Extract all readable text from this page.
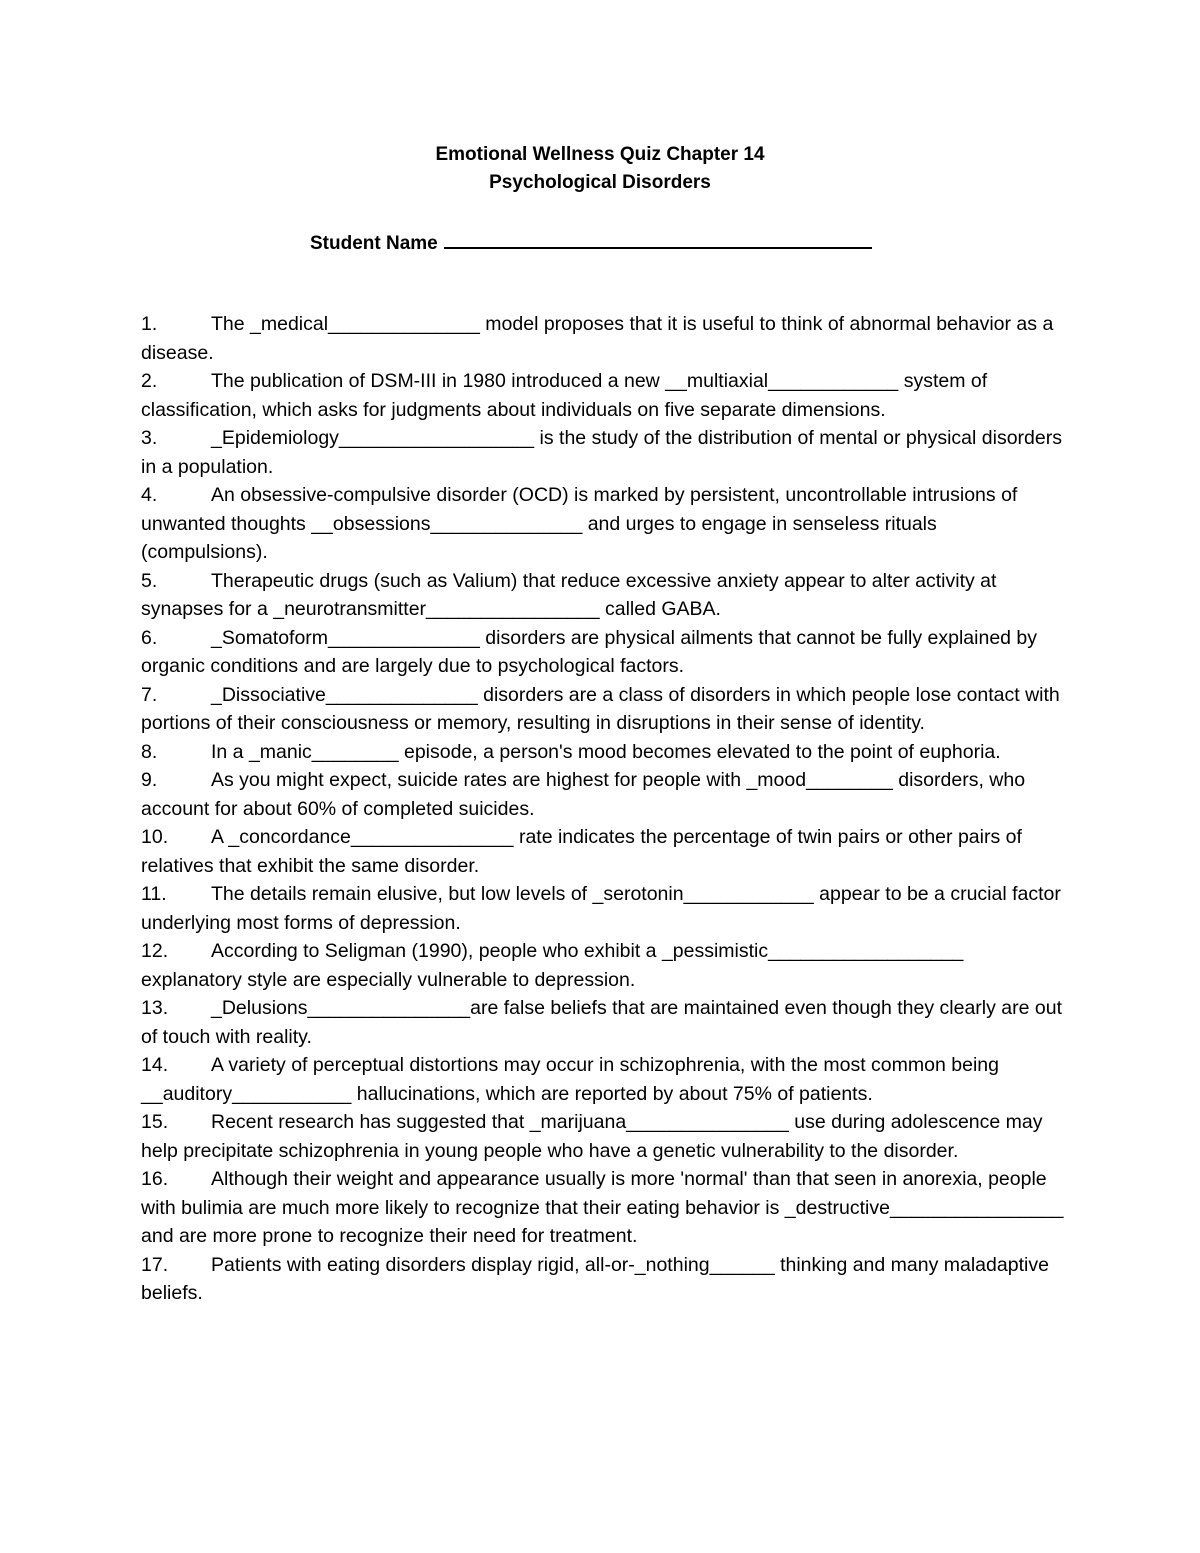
Emotional Wellness Quiz Chapter 14
Psychological Disorders
Student Name

1.	The _medical______________ model proposes that it is useful to think of abnormal behavior as a disease.

2.	The publication of DSM-III in 1980 introduced a new __multiaxial____________ system of classification, which asks for judgments about individuals on five separate dimensions.

3.	_Epidemiology__________________ is the study of the distribution of mental or physical disorders in a population.

4.	An obsessive-compulsive disorder (OCD) is marked by persistent, uncontrollable intrusions of unwanted thoughts __obsessions______________ and urges to engage in senseless rituals (compulsions).

5.	Therapeutic drugs (such as Valium) that reduce excessive anxiety appear to alter activity at synapses for a _neurotransmitter________________ called GABA.

6.	_Somatoform______________ disorders are physical ailments that cannot be fully explained by organic conditions and are largely due to psychological factors.

7.	_Dissociative______________ disorders are a class of disorders in which people lose contact with portions of their consciousness or memory, resulting in disruptions in their sense of identity.

8.	In a _manic________ episode, a person's mood becomes elevated to the point of euphoria.

9.	As you might expect, suicide rates are highest for people with _mood________ disorders, who account for about 60% of completed suicides.

10. A _concordance_______________ rate indicates the percentage of twin pairs or other pairs of relatives that exhibit the same disorder.

11. The details remain elusive, but low levels of _serotonin____________ appear to be a crucial factor underlying most forms of depression.

12. According to Seligman (1990), people who exhibit a _pessimistic__________________ explanatory style are especially vulnerable to depression.

13. _Delusions_______________are false beliefs that are maintained even though they clearly are out of touch with reality.

14. A variety of perceptual distortions may occur in schizophrenia, with the most common being __auditory___________ hallucinations, which are reported by about 75% of patients.

15. Recent research has suggested that _marijuana_______________ use during adolescence may help precipitate schizophrenia in young people who have a genetic vulnerability to the disorder.

16. Although their weight and appearance usually is more 'normal' than that seen in anorexia, people with bulimia are much more likely to recognize that their eating behavior is _destructive________________ and are more prone to recognize their need for treatment.

17. Patients with eating disorders display rigid, all-or-_nothing______ thinking and many maladaptive beliefs.
